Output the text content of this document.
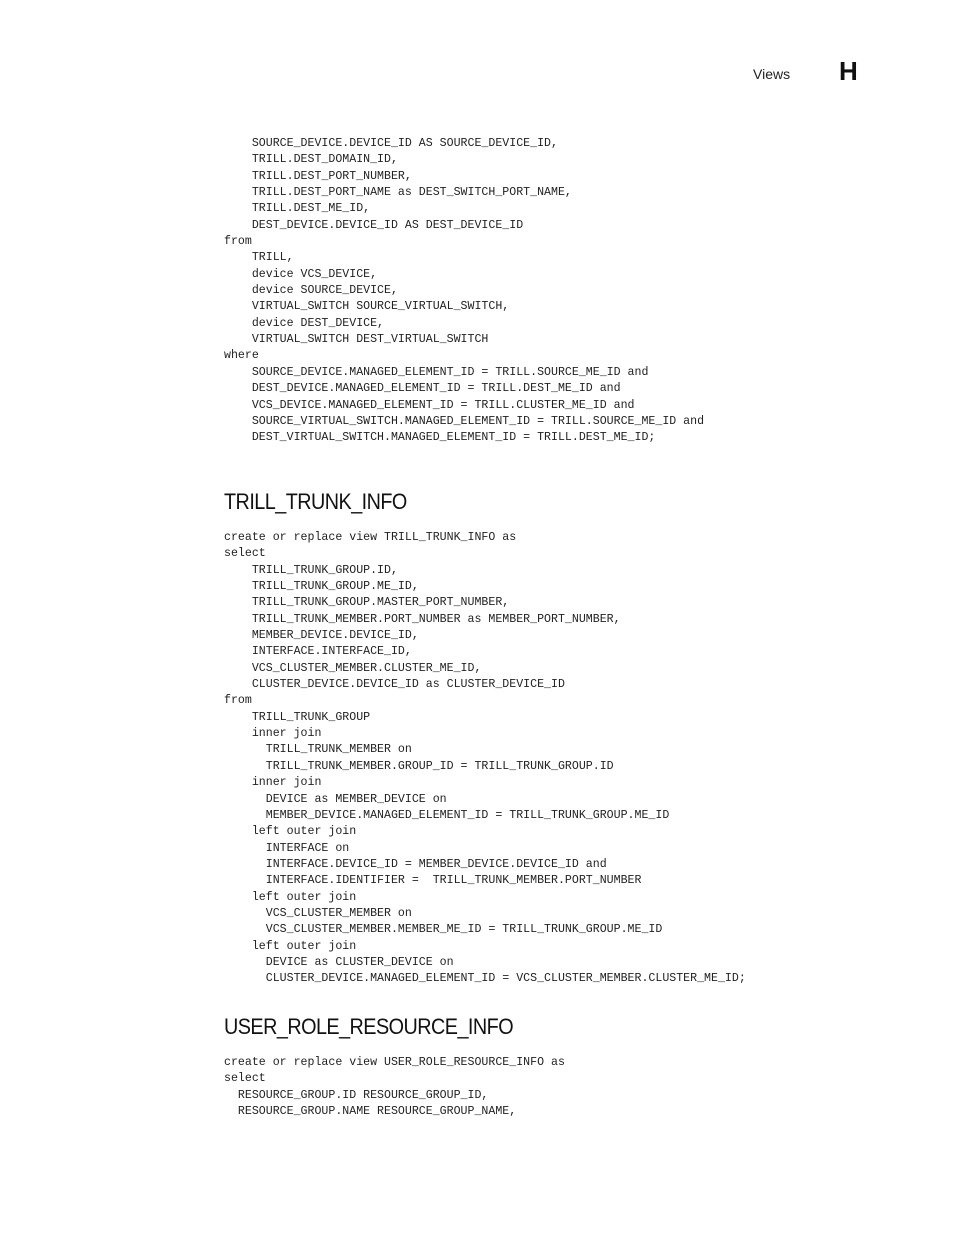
Views H
SOURCE_DEVICE.DEVICE_ID AS SOURCE_DEVICE_ID,
TRILL.DEST_DOMAIN_ID,
TRILL.DEST_PORT_NUMBER,
TRILL.DEST_PORT_NAME as DEST_SWITCH_PORT_NAME,
TRILL.DEST_ME_ID,
DEST_DEVICE.DEVICE_ID AS DEST_DEVICE_ID
from
TRILL,
device VCS_DEVICE,
device SOURCE_DEVICE,
VIRTUAL_SWITCH SOURCE_VIRTUAL_SWITCH,
device DEST_DEVICE,
VIRTUAL_SWITCH DEST_VIRTUAL_SWITCH
where
SOURCE_DEVICE.MANAGED_ELEMENT_ID = TRILL.SOURCE_ME_ID and
DEST_DEVICE.MANAGED_ELEMENT_ID = TRILL.DEST_ME_ID and
VCS_DEVICE.MANAGED_ELEMENT_ID = TRILL.CLUSTER_ME_ID and
SOURCE_VIRTUAL_SWITCH.MANAGED_ELEMENT_ID = TRILL.SOURCE_ME_ID and
DEST_VIRTUAL_SWITCH.MANAGED_ELEMENT_ID = TRILL.DEST_ME_ID;
TRILL_TRUNK_INFO
create or replace view TRILL_TRUNK_INFO as
select
TRILL_TRUNK_GROUP.ID,
TRILL_TRUNK_GROUP.ME_ID,
TRILL_TRUNK_GROUP.MASTER_PORT_NUMBER,
TRILL_TRUNK_MEMBER.PORT_NUMBER as MEMBER_PORT_NUMBER,
MEMBER_DEVICE.DEVICE_ID,
INTERFACE.INTERFACE_ID,
VCS_CLUSTER_MEMBER.CLUSTER_ME_ID,
CLUSTER_DEVICE.DEVICE_ID as CLUSTER_DEVICE_ID
from
TRILL_TRUNK_GROUP
inner join
TRILL_TRUNK_MEMBER on
TRILL_TRUNK_MEMBER.GROUP_ID = TRILL_TRUNK_GROUP.ID
inner join
DEVICE as MEMBER_DEVICE on
MEMBER_DEVICE.MANAGED_ELEMENT_ID = TRILL_TRUNK_GROUP.ME_ID
left outer join
INTERFACE on
INTERFACE.DEVICE_ID = MEMBER_DEVICE.DEVICE_ID and
INTERFACE.IDENTIFIER =  TRILL_TRUNK_MEMBER.PORT_NUMBER
left outer join
VCS_CLUSTER_MEMBER on
VCS_CLUSTER_MEMBER.MEMBER_ME_ID = TRILL_TRUNK_GROUP.ME_ID
left outer join
DEVICE as CLUSTER_DEVICE on
CLUSTER_DEVICE.MANAGED_ELEMENT_ID = VCS_CLUSTER_MEMBER.CLUSTER_ME_ID;
USER_ROLE_RESOURCE_INFO
create or replace view USER_ROLE_RESOURCE_INFO as
select
RESOURCE_GROUP.ID RESOURCE_GROUP_ID,
RESOURCE_GROUP.NAME RESOURCE_GROUP_NAME,
